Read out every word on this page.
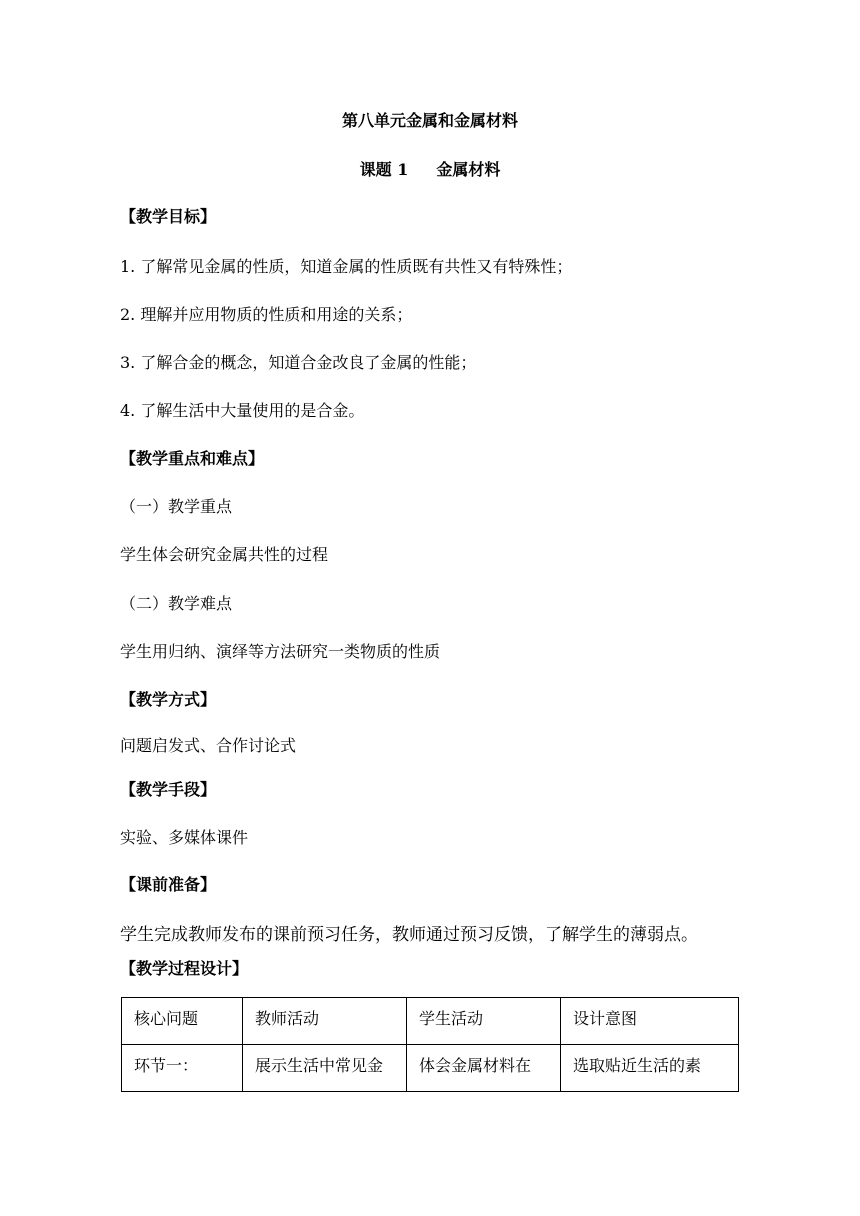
第八单元金属和金属材料
课题 1 金属材料
【教学目标】
1. 了解常见金属的性质，知道金属的性质既有共性又有特殊性；
2. 理解并应用物质的性质和用途的关系；
3. 了解合金的概念，知道合金改良了金属的性能；
4. 了解生活中大量使用的是合金。
【教学重点和难点】
（一）教学重点
学生体会研究金属共性的过程
（二）教学难点
学生用归纳、演绎等方法研究一类物质的性质
【教学方式】
问题启发式、合作讨论式
【教学手段】
实验、多媒体课件
【课前准备】
学生完成教师发布的课前预习任务，教师通过预习反馈，了解学生的薄弱点。
【教学过程设计】
核心问题	教师活动	学生活动	设计意图
环节一：	展示生活中常见金	体会金属材料在	选取贴近生活的素
